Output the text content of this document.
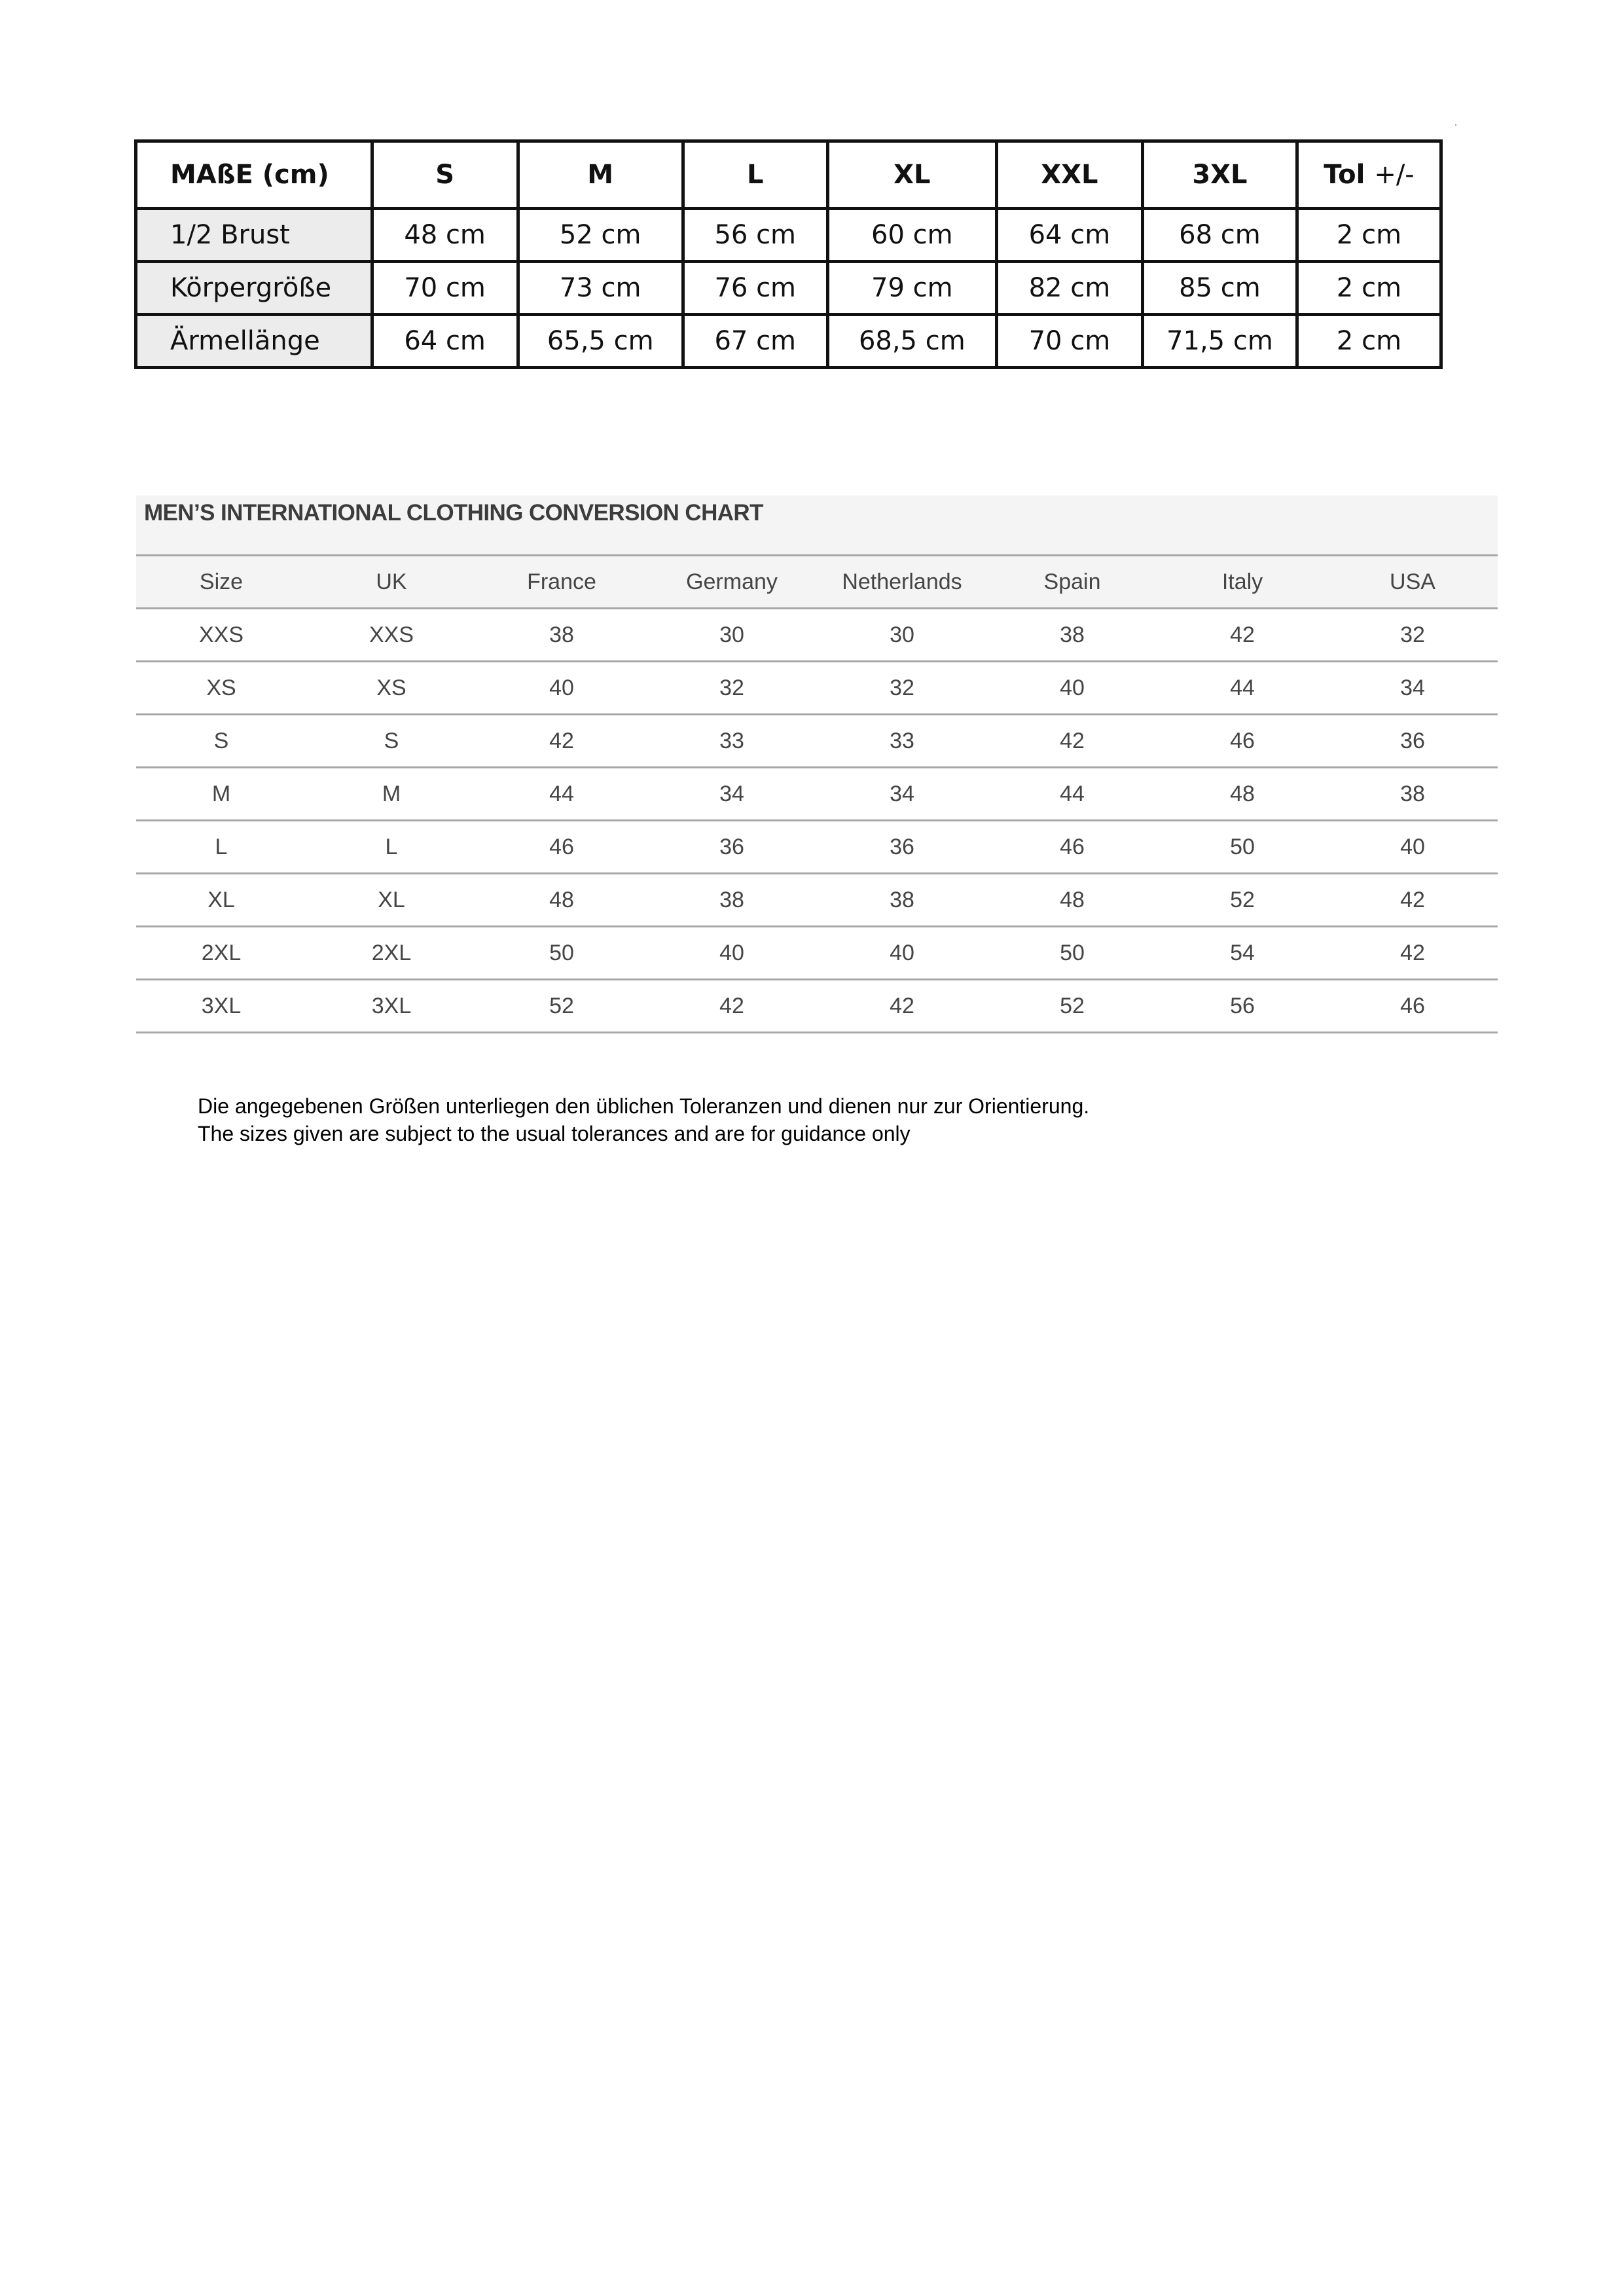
MAßE (cm)	S	M	L	XL	XXL	3XL	Tol +/-
1/2 Brust	48 cm	52 cm	56 cm	60 cm	64 cm	68 cm	2 cm
Körpergröße	70 cm	73 cm	76 cm	79 cm	82 cm	85 cm	2 cm
Ärmellänge	64 cm	65,5 cm	67 cm	68,5 cm	70 cm	71,5 cm	2 cm
MEN’S INTERNATIONAL CLOTHING CONVERSION CHART
Size	UK	France	Germany	Netherlands	Spain	Italy	USA
XXS	XXS	38	30	30	38	42	32
XS	XS	40	32	32	40	44	34
S	S	42	33	33	42	46	36
M	M	44	34	34	44	48	38
L	L	46	36	36	46	50	40
XL	XL	48	38	38	48	52	42
2XL	2XL	50	40	40	50	54	42
3XL	3XL	52	42	42	52	56	46

Die angegebenen Größen unterliegen den üblichen Toleranzen und dienen nur zur Orientierung.

The sizes given are subject to the usual tolerances and are for guidance only
